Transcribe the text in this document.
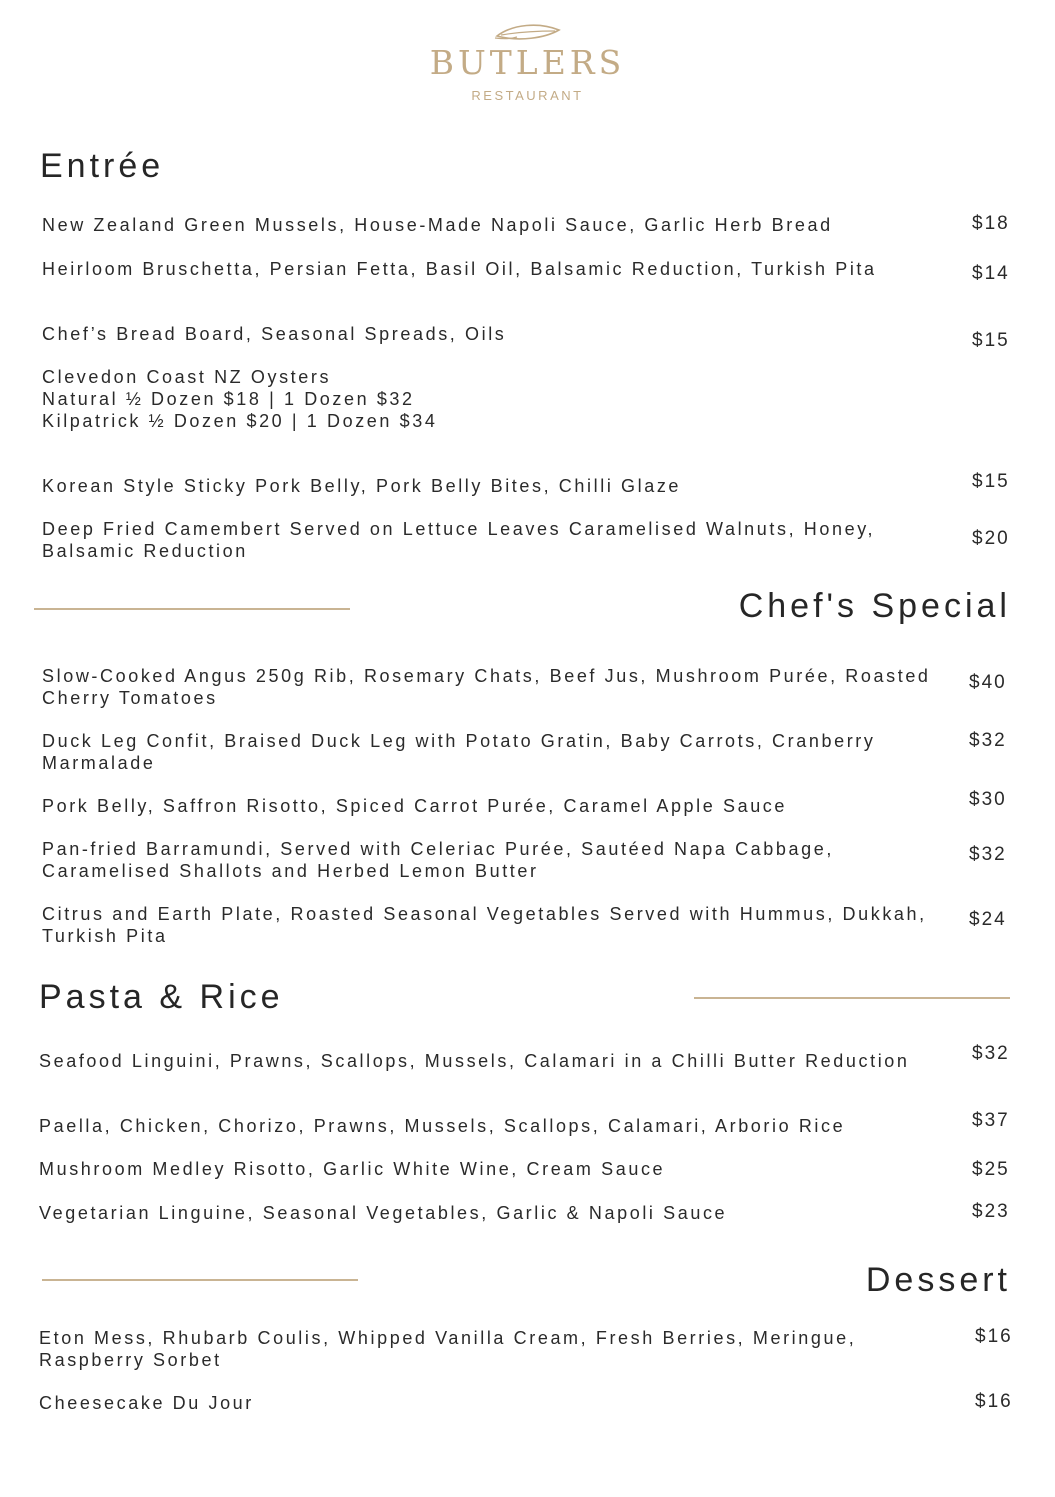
BUTLERS
RESTAURANT
Entrée
New Zealand Green Mussels, House-Made Napoli Sauce, Garlic Herb Bread	$18
Heirloom Bruschetta, Persian Fetta, Basil Oil, Balsamic Reduction, Turkish Pita	$14
Chef’s Bread Board, Seasonal Spreads, Oils	$15
Clevedon Coast NZ Oysters
Natural ½ Dozen $18 | 1 Dozen $32
Kilpatrick ½ Dozen $20 | 1 Dozen $34
Korean Style Sticky Pork Belly, Pork Belly Bites, Chilli Glaze	$15
Deep Fried Camembert Served on Lettuce Leaves Caramelised Walnuts, Honey, Balsamic Reduction
$20
Chef's Special
Slow-Cooked Angus 250g Rib, Rosemary Chats, Beef Jus, Mushroom Purée, Roasted Cherry Tomatoes
$40
Duck Leg Confit, Braised Duck Leg with Potato Gratin, Baby Carrots, Cranberry Marmalade
$32
Pork Belly, Saffron Risotto, Spiced Carrot Purée, Caramel Apple Sauce	$30
Pan-fried Barramundi, Served with Celeriac Purée, Sautéed Napa Cabbage, Caramelised Shallots and Herbed Lemon Butter
$32
Citrus and Earth Plate, Roasted Seasonal Vegetables Served with Hummus, Dukkah, Turkish Pita
$24
Pasta & Rice
Seafood Linguini, Prawns, Scallops, Mussels, Calamari in a Chilli Butter Reduction	$32
Paella, Chicken, Chorizo, Prawns, Mussels, Scallops, Calamari, Arborio Rice	$37
Mushroom Medley Risotto, Garlic White Wine, Cream Sauce	$25
Vegetarian Linguine, Seasonal Vegetables, Garlic & Napoli Sauce	$23
Dessert
Eton Mess, Rhubarb Coulis, Whipped Vanilla Cream, Fresh Berries, Meringue, Raspberry Sorbet
$16
Cheesecake Du Jour	$16
